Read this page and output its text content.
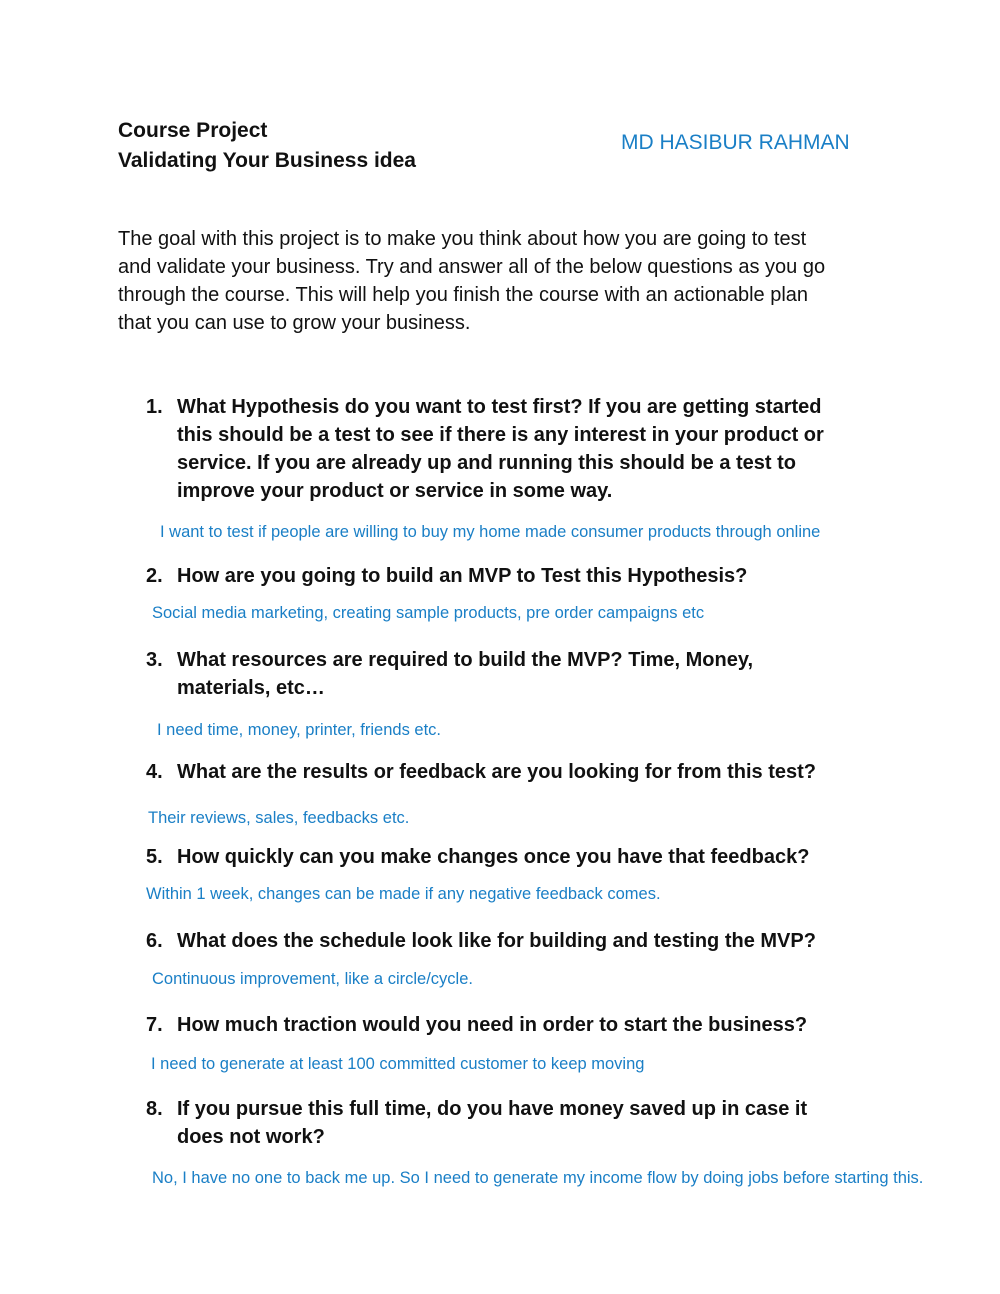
Course Project
Validating Your Business idea
MD HASIBUR RAHMAN

The goal with this project is to make you think about how you are going to test

and validate your business. Try and answer all of the below questions as you go

through the course. This will help you finish the course with an actionable plan

that you can use to grow your business.

1. What Hypothesis do you want to test first? If you are getting started
this should be a test to see if there is any interest in your product or
service. If you are already up and running this should be a test to
improve your product or service in some way.
I want to test if people are willing to buy my home made consumer products through online
2. How are you going to build an MVP to Test this Hypothesis?
Social media marketing, creating sample products, pre order campaigns etc
3. What resources are required to build the MVP? Time, Money,
materials, etc…
I need time, money, printer, friends etc.
4. What are the results or feedback are you looking for from this test?
Their reviews, sales, feedbacks etc.
5. How quickly can you make changes once you have that feedback?
Within 1 week, changes can be made if any negative feedback comes.
6. What does the schedule look like for building and testing the MVP?
Continuous improvement, like a circle/cycle.
7. How much traction would you need in order to start the business?
I need to generate at least 100 committed customer to keep moving
8. If you pursue this full time, do you have money saved up in case it
does not work?
No, I have no one to back me up. So I need to generate my income flow by doing jobs before starting this.
